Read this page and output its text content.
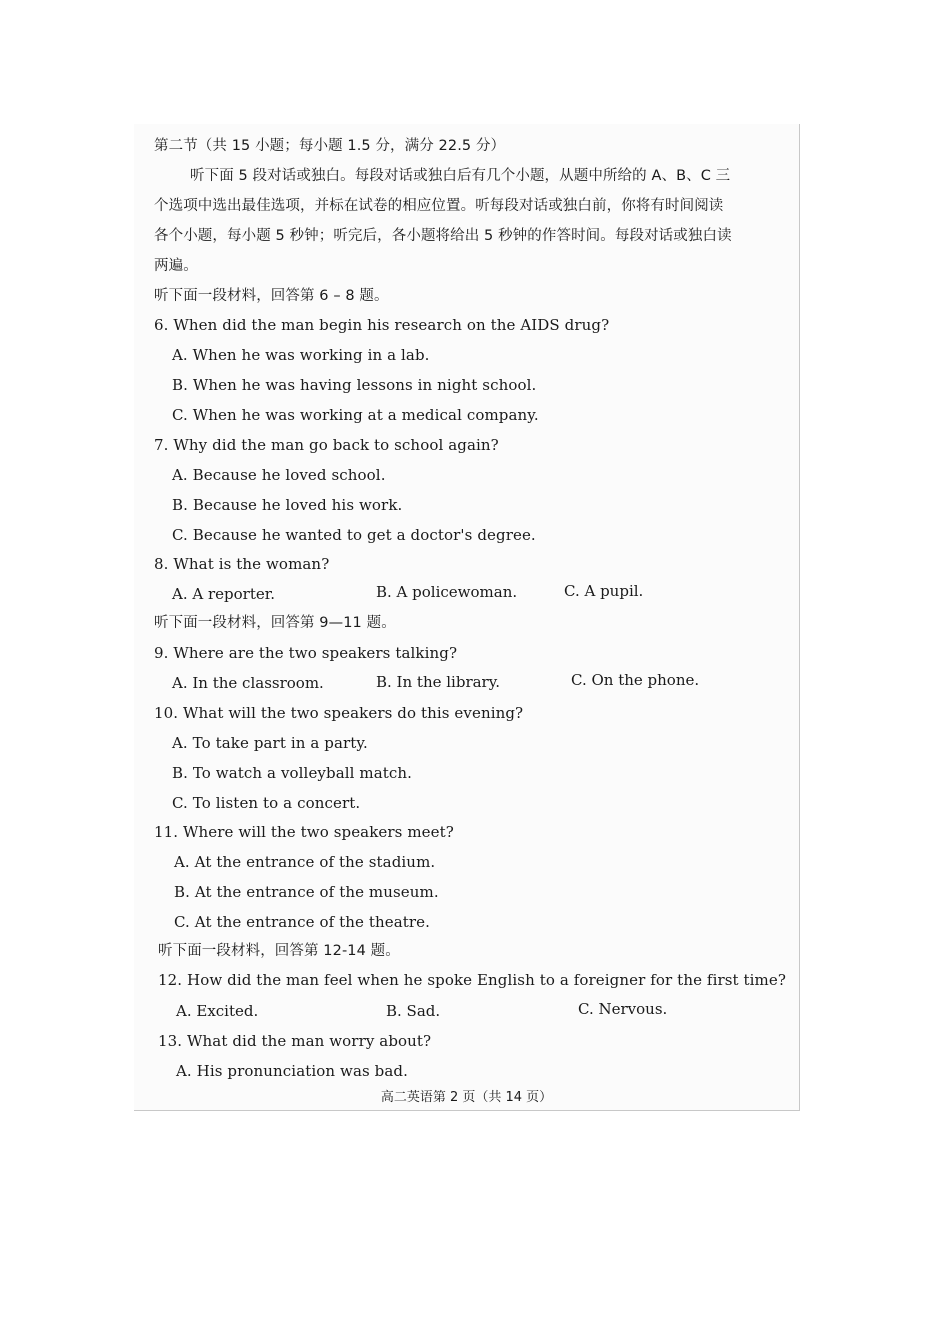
第二节（共 15 小题；每小题 1.5 分，满分 22.5 分）
听下面 5 段对话或独白。每段对话或独白后有几个小题，从题中所给的 A、B、C 三
个选项中选出最佳选项，并标在试卷的相应位置。听每段对话或独白前，你将有时间阅读
各个小题，每小题 5 秒钟；听完后，各小题将给出 5 秒钟的作答时间。每段对话或独白读
两遍。
听下面一段材料，回答第 6 – 8 题。
6. When did the man begin his research on the AIDS drug?
A. When he was working in a lab.
B. When he was having lessons in night school.
C. When he was working at a medical company.
7. Why did the man go back to school again?
A. Because he loved school.
B. Because he loved his work.
C. Because he wanted to get a doctor's degree.
8. What is the woman?
A. A reporter.	B. A policewoman.	C. A pupil.
听下面一段材料，回答第 9—11 题。
9. Where are the two speakers talking?
A. In the classroom.	B. In the library.	C. On the phone.
10. What will the two speakers do this evening?
A. To take part in a party.
B. To watch a volleyball match.
C. To listen to a concert.
11. Where will the two speakers meet?
A. At the entrance of the stadium.
B. At the entrance of the museum.
C. At the entrance of the theatre.
听下面一段材料，回答第 12-14 题。
12. How did the man feel when he spoke English to a foreigner for the first time?
A. Excited.	B. Sad.	C. Nervous.
13. What did the man worry about?
A. His pronunciation was bad.
高二英语第 2 页（共 14 页）
